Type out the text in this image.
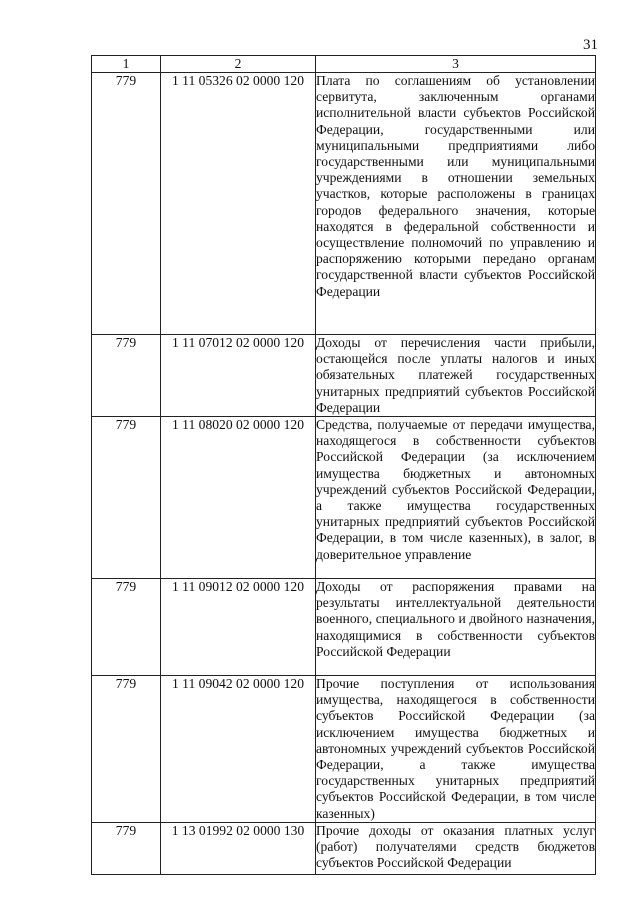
31
1	2	3
779	1 11 05326 02 0000 120	Плата по соглашениям об установлении сервитута, заключенным органами исполнительной власти субъектов Российской Федерации, государственными или муниципальными предприятиями либо государственными или муниципальными учреждениями в отношении земельных участков, которые расположены в границах городов федерального значения, которые находятся в федеральной собственности и осуществление полномочий по управлению и распоряжению которыми передано органам государственной власти субъектов Российской Федерации
779	1 11 07012 02 0000 120	Доходы от перечисления части прибыли, остающейся после уплаты налогов и иных обязательных платежей государственных унитарных предприятий субъектов Российской Федерации
779	1 11 08020 02 0000 120	Средства, получаемые от передачи имущества, находящегося в собственности субъектов Российской Федерации (за исключением имущества бюджетных и автономных учреждений субъектов Российской Федерации, а также имущества государственных унитарных предприятий субъектов Российской Федерации, в том числе казенных), в залог, в доверительное управление
779	1 11 09012 02 0000 120	Доходы от распоряжения правами на результаты интеллектуальной деятельности военного, специального и двойного назначения, находящимися в собственности субъектов Российской Федерации
779	1 11 09042 02 0000 120	Прочие поступления от использования имущества, находящегося в собственности субъектов Российской Федерации (за исключением имущества бюджетных и автономных учреждений субъектов Российской Федерации, а также имущества государственных унитарных предприятий субъектов Российской Федерации, в том числе казенных)
779	1 13 01992 02 0000 130	Прочие доходы от оказания платных услуг (работ) получателями средств бюджетов субъектов Российской Федерации
